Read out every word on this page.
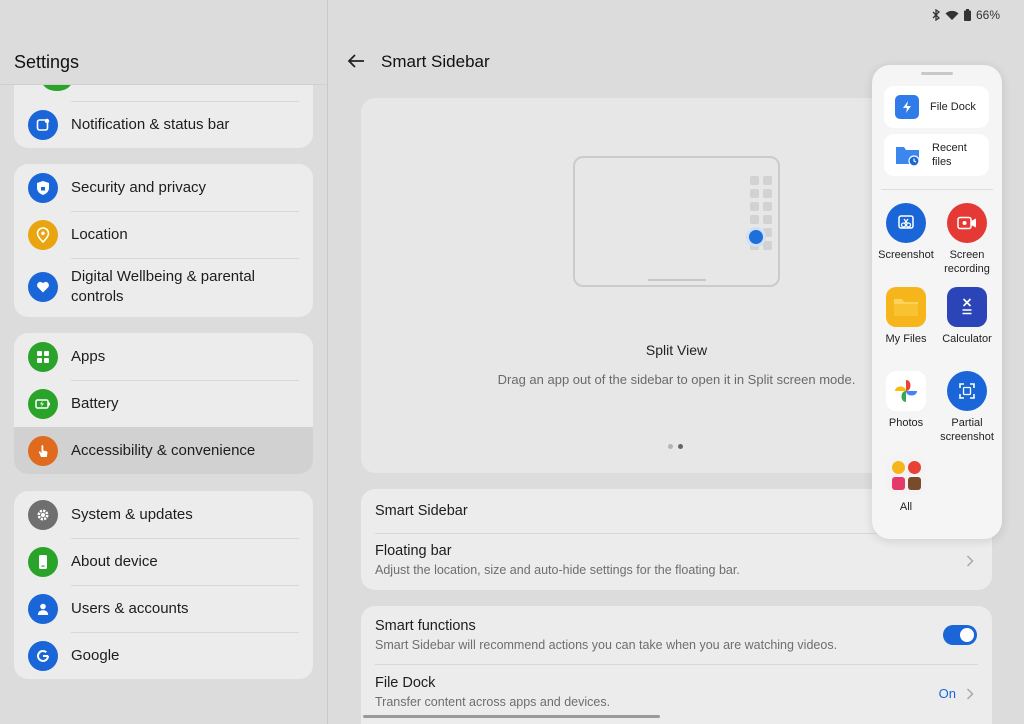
66%
Settings
Notification & status bar
Security and privacy
Location
Digital Wellbeing & parental controls
Apps
Battery
Accessibility & convenience
System & updates
About device
Users & accounts
Google
Smart Sidebar
Split View
Drag an app out of the sidebar to open it in Split screen mode.
Smart Sidebar
Floating bar
Adjust the location, size and auto-hide settings for the floating bar.
Smart functions
Smart Sidebar will recommend actions you can take when you are watching videos.
File Dock
Transfer content across apps and devices.
On
File Dock
Recent files
Screenshot	Screen recording
My Files	Calculator
Photos	Partial screenshot
All
